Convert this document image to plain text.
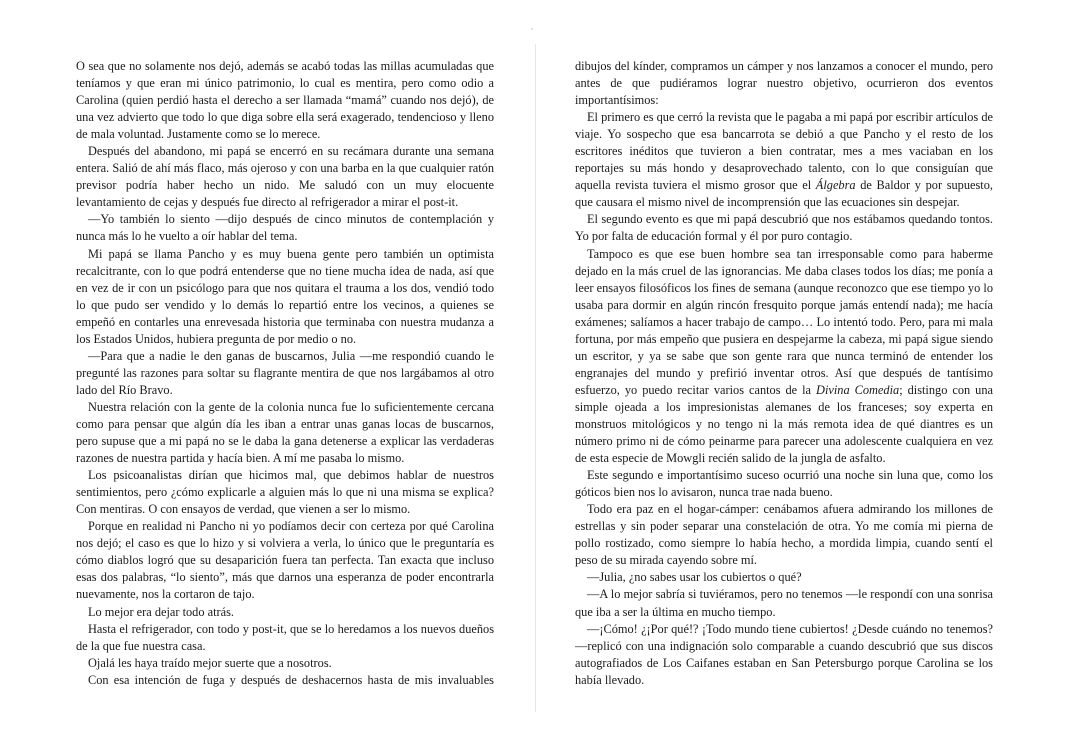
O sea que no solamente nos dejó, además se acabó todas las millas acumuladas que teníamos y que eran mi único patrimonio, lo cual es mentira, pero como odio a Carolina (quien perdió hasta el derecho a ser llamada “mamá” cuando nos dejó), de una vez advierto que todo lo que diga sobre ella será exagerado, tendencioso y lleno de mala voluntad. Justamente como se lo merece.

Después del abandono, mi papá se encerró en su recámara durante una semana entera. Salió de ahí más flaco, más ojeroso y con una barba en la que cualquier ratón previsor podría haber hecho un nido. Me saludó con un muy elocuente levantamiento de cejas y después fue directo al refrigerador a mirar el post-it.

—Yo también lo siento —dijo después de cinco minutos de contemplación y nunca más lo he vuelto a oír hablar del tema.

Mi papá se llama Pancho y es muy buena gente pero también un optimista recalcitrante, con lo que podrá entenderse que no tiene mucha idea de nada, así que en vez de ir con un psicólogo para que nos quitara el trauma a los dos, vendió todo lo que pudo ser vendido y lo demás lo repartió entre los vecinos, a quienes se empeñó en contarles una enrevesada historia que terminaba con nuestra mudanza a los Estados Unidos, hubiera pregunta de por medio o no.

—Para que a nadie le den ganas de buscarnos, Julia —me respondió cuando le pregunté las razones para soltar su flagrante mentira de que nos largábamos al otro lado del Río Bravo.

Nuestra relación con la gente de la colonia nunca fue lo suficientemente cercana como para pensar que algún día les iban a entrar unas ganas locas de buscarnos, pero supuse que a mi papá no se le daba la gana detenerse a explicar las verdaderas razones de nuestra partida y hacía bien. A mí me pasaba lo mismo.

Los psicoanalistas dirían que hicimos mal, que debimos hablar de nuestros sentimientos, pero ¿cómo explicarle a alguien más lo que ni una misma se explica? Con mentiras. O con ensayos de verdad, que vienen a ser lo mismo.

Porque en realidad ni Pancho ni yo podíamos decir con certeza por qué Carolina nos dejó; el caso es que lo hizo y si volviera a verla, lo único que le preguntaría es cómo diablos logró que su desaparición fuera tan perfecta. Tan exacta que incluso esas dos palabras, “lo siento”, más que darnos una esperanza de poder encontrarla nuevamente, nos la cortaron de tajo.

Lo mejor era dejar todo atrás.

Hasta el refrigerador, con todo y post-it, que se lo heredamos a los nuevos dueños de la que fue nuestra casa.

Ojalá les haya traído mejor suerte que a nosotros.

Con esa intención de fuga y después de deshacernos hasta de mis invaluables

dibujos del kínder, compramos un cámper y nos lanzamos a conocer el mundo, pero antes de que pudiéramos lograr nuestro objetivo, ocurrieron dos eventos importantísimos:

El primero es que cerró la revista que le pagaba a mi papá por escribir artículos de viaje. Yo sospecho que esa bancarrota se debió a que Pancho y el resto de los escritores inéditos que tuvieron a bien contratar, mes a mes vaciaban en los reportajes su más hondo y desaprovechado talento, con lo que consiguían que aquella revista tuviera el mismo grosor que el Álgebra de Baldor y por supuesto, que causara el mismo nivel de incomprensión que las ecuaciones sin despejar.

El segundo evento es que mi papá descubrió que nos estábamos quedando tontos. Yo por falta de educación formal y él por puro contagio.

Tampoco es que ese buen hombre sea tan irresponsable como para haberme dejado en la más cruel de las ignorancias. Me daba clases todos los días; me ponía a leer ensayos filosóficos los fines de semana (aunque reconozco que ese tiempo yo lo usaba para dormir en algún rincón fresquito porque jamás entendí nada); me hacía exámenes; salíamos a hacer trabajo de campo… Lo intentó todo. Pero, para mi mala fortuna, por más empeño que pusiera en despejarme la cabeza, mi papá sigue siendo un escritor, y ya se sabe que son gente rara que nunca terminó de entender los engranajes del mundo y prefirió inventar otros. Así que después de tantísimo esfuerzo, yo puedo recitar varios cantos de la Divina Comedia; distingo con una simple ojeada a los impresionistas alemanes de los franceses; soy experta en monstruos mitológicos y no tengo ni la más remota idea de qué diantres es un número primo ni de cómo peinarme para parecer una adolescente cualquiera en vez de esta especie de Mowgli recién salido de la jungla de asfalto.

Este segundo e importantísimo suceso ocurrió una noche sin luna que, como los góticos bien nos lo avisaron, nunca trae nada bueno.

Todo era paz en el hogar-cámper: cenábamos afuera admirando los millones de estrellas y sin poder separar una constelación de otra. Yo me comía mi pierna de pollo rostizado, como siempre lo había hecho, a mordida limpia, cuando sentí el peso de su mirada cayendo sobre mí.

—Julia, ¿no sabes usar los cubiertos o qué?

—A lo mejor sabría si tuviéramos, pero no tenemos —le respondí con una sonrisa que iba a ser la última en mucho tiempo.

—¡Cómo! ¿¡Por qué!? ¡Todo mundo tiene cubiertos! ¿Desde cuándo no tenemos? —replicó con una indignación solo comparable a cuando descubrió que sus discos autografiados de Los Caifanes estaban en San Petersburgo porque Carolina se los había llevado.
